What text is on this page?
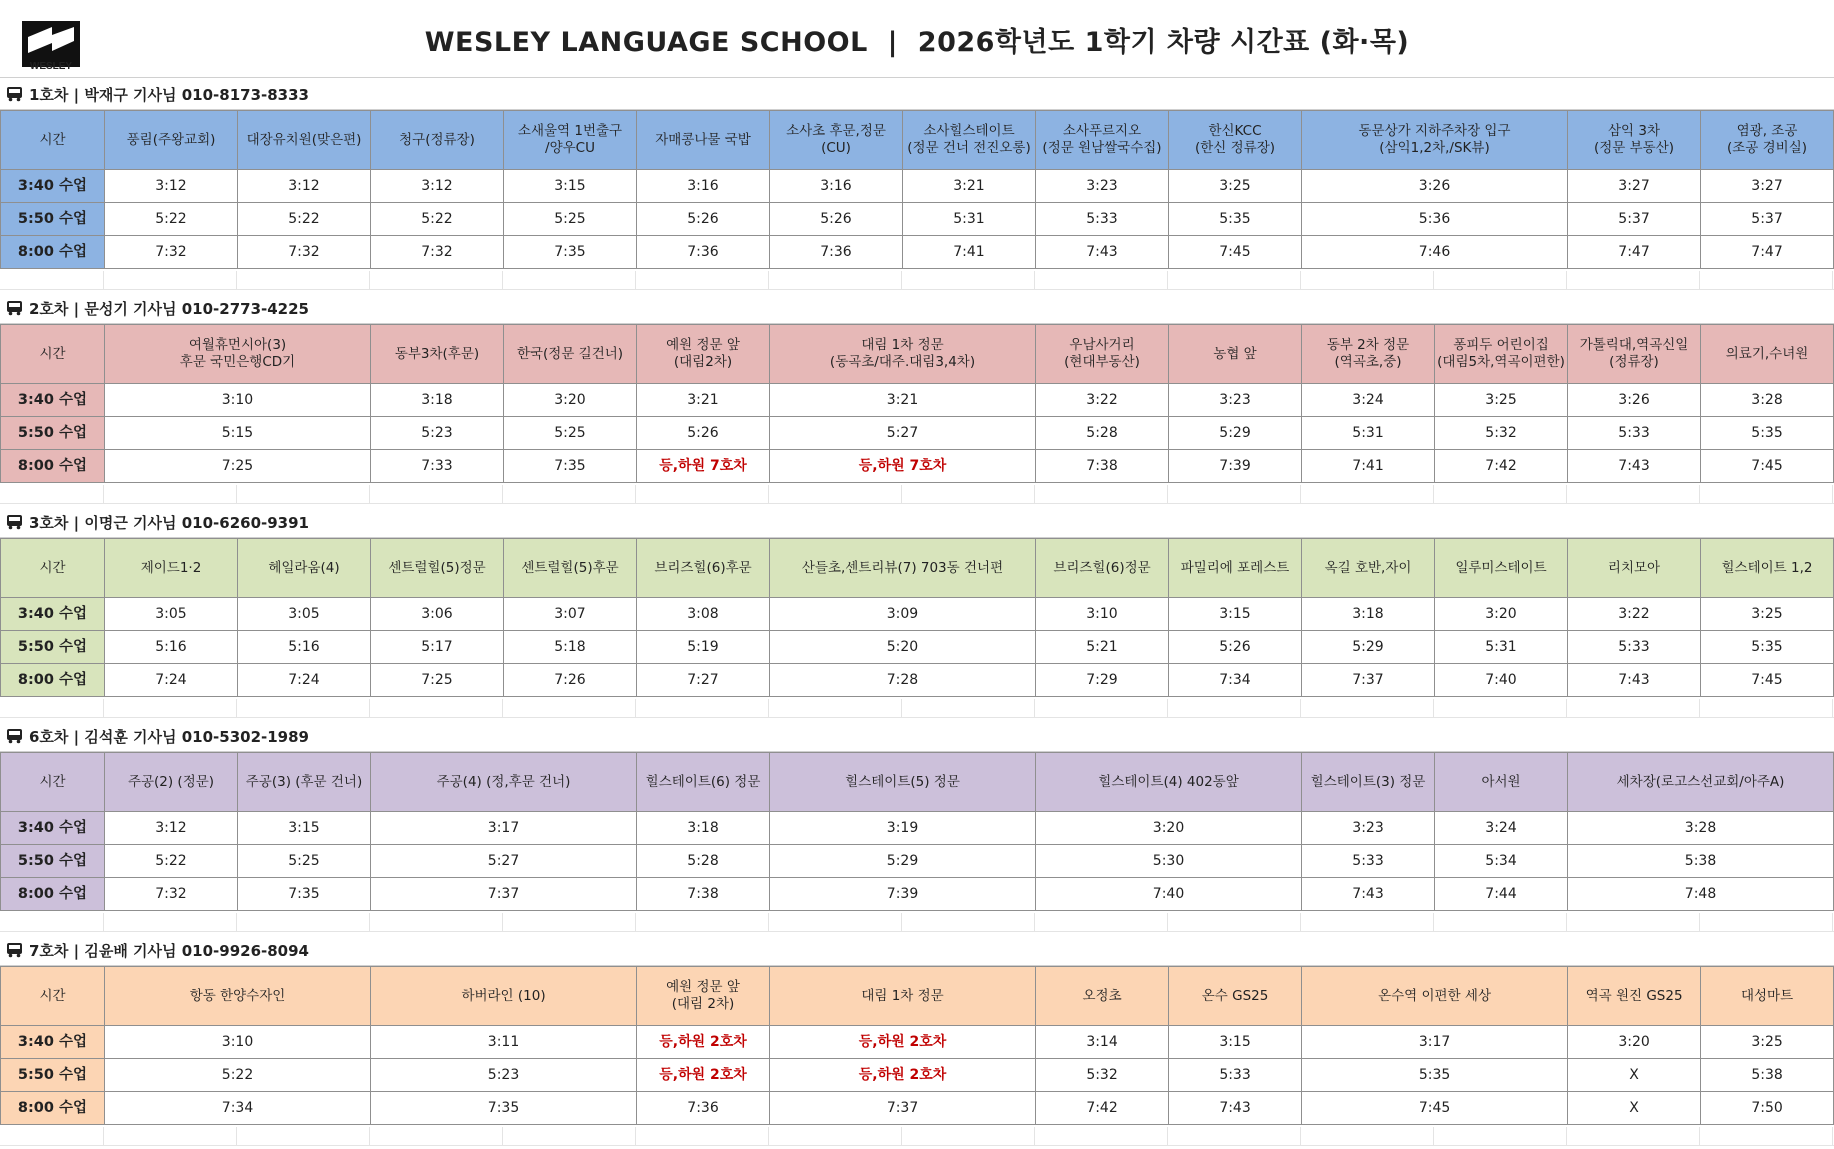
WESLEY
WESLEY LANGUAGE SCHOOL  |  2026학년도 1학기 차량 시간표 (화·목)
1호차 | 박재구 기사님 010-8173-8333
시간	풍림(주왕교회)	대장유치원(맞은편)	청구(정류장)	소새울역 1번출구
/양우CU	자매콩나물 국밥	소사초 후문,정문
(CU)	소사힐스테이트
(정문 건너 전진오롱)	소사푸르지오
(정문 원남쌀국수집)	한신KCC
(한신 정류장)	동문상가 지하주차장 입구
(삼익1,2차,/SK뷰)	삼익 3차
(정문 부동산)	염광, 조공
(조공 경비실)
3:40 수업	3:12	3:12	3:12	3:15	3:16	3:16	3:21	3:23	3:25	3:26	3:27	3:27
5:50 수업	5:22	5:22	5:22	5:25	5:26	5:26	5:31	5:33	5:35	5:36	5:37	5:37
8:00 수업	7:32	7:32	7:32	7:35	7:36	7:36	7:41	7:43	7:45	7:46	7:47	7:47
2호차 | 문성기 기사님 010-2773-4225
시간	여월휴먼시아(3)
후문 국민은행CD기	동부3차(후문)	한국(정문 길건너)	예원 정문 앞
(대림2차)	대림 1차 정문
(동곡초/대주.대림3,4차)	우남사거리
(현대부동산)	농협 앞	동부 2차 정문
(역곡초,중)	퐁피두 어린이집
(대림5차,역곡이편한)	가톨릭대,역곡신일
(정류장)	의료기,수녀원
3:40 수업	3:10	3:18	3:20	3:21	3:21	3:22	3:23	3:24	3:25	3:26	3:28
5:50 수업	5:15	5:23	5:25	5:26	5:27	5:28	5:29	5:31	5:32	5:33	5:35
8:00 수업	7:25	7:33	7:35	등,하원 7호차	등,하원 7호차	7:38	7:39	7:41	7:42	7:43	7:45
3호차 | 이명근 기사님 010-6260-9391
시간	제이드1·2	헤일라움(4)	센트럴힐(5)정문	센트럴힐(5)후문	브리즈힐(6)후문	산들초,센트리뷰(7) 703동 건너편	브리즈힐(6)정문	파밀리에 포레스트	옥길 호반,자이	일루미스테이트	리치모아	힐스테이트 1,2
3:40 수업	3:05	3:05	3:06	3:07	3:08	3:09	3:10	3:15	3:18	3:20	3:22	3:25
5:50 수업	5:16	5:16	5:17	5:18	5:19	5:20	5:21	5:26	5:29	5:31	5:33	5:35
8:00 수업	7:24	7:24	7:25	7:26	7:27	7:28	7:29	7:34	7:37	7:40	7:43	7:45
6호차 | 김석훈 기사님 010-5302-1989
시간	주공(2) (정문)	주공(3) (후문 건너)	주공(4) (정,후문 건너)	힐스테이트(6) 정문	힐스테이트(5) 정문	힐스테이트(4) 402동앞	힐스테이트(3) 정문	아서원	세차장(로고스선교회/아주A)
3:40 수업	3:12	3:15	3:17	3:18	3:19	3:20	3:23	3:24	3:28
5:50 수업	5:22	5:25	5:27	5:28	5:29	5:30	5:33	5:34	5:38
8:00 수업	7:32	7:35	7:37	7:38	7:39	7:40	7:43	7:44	7:48
7호차 | 김윤배 기사님 010-9926-8094
시간	항동 한양수자인	하버라인 (10)	예원 정문 앞
(대림 2차)	대림 1차 정문	오정초	온수 GS25	온수역 이편한 세상	역곡 원진 GS25	대성마트
3:40 수업	3:10	3:11	등,하원 2호차	등,하원 2호차	3:14	3:15	3:17	3:20	3:25
5:50 수업	5:22	5:23	등,하원 2호차	등,하원 2호차	5:32	5:33	5:35	X	5:38
8:00 수업	7:34	7:35	7:36	7:37	7:42	7:43	7:45	X	7:50
